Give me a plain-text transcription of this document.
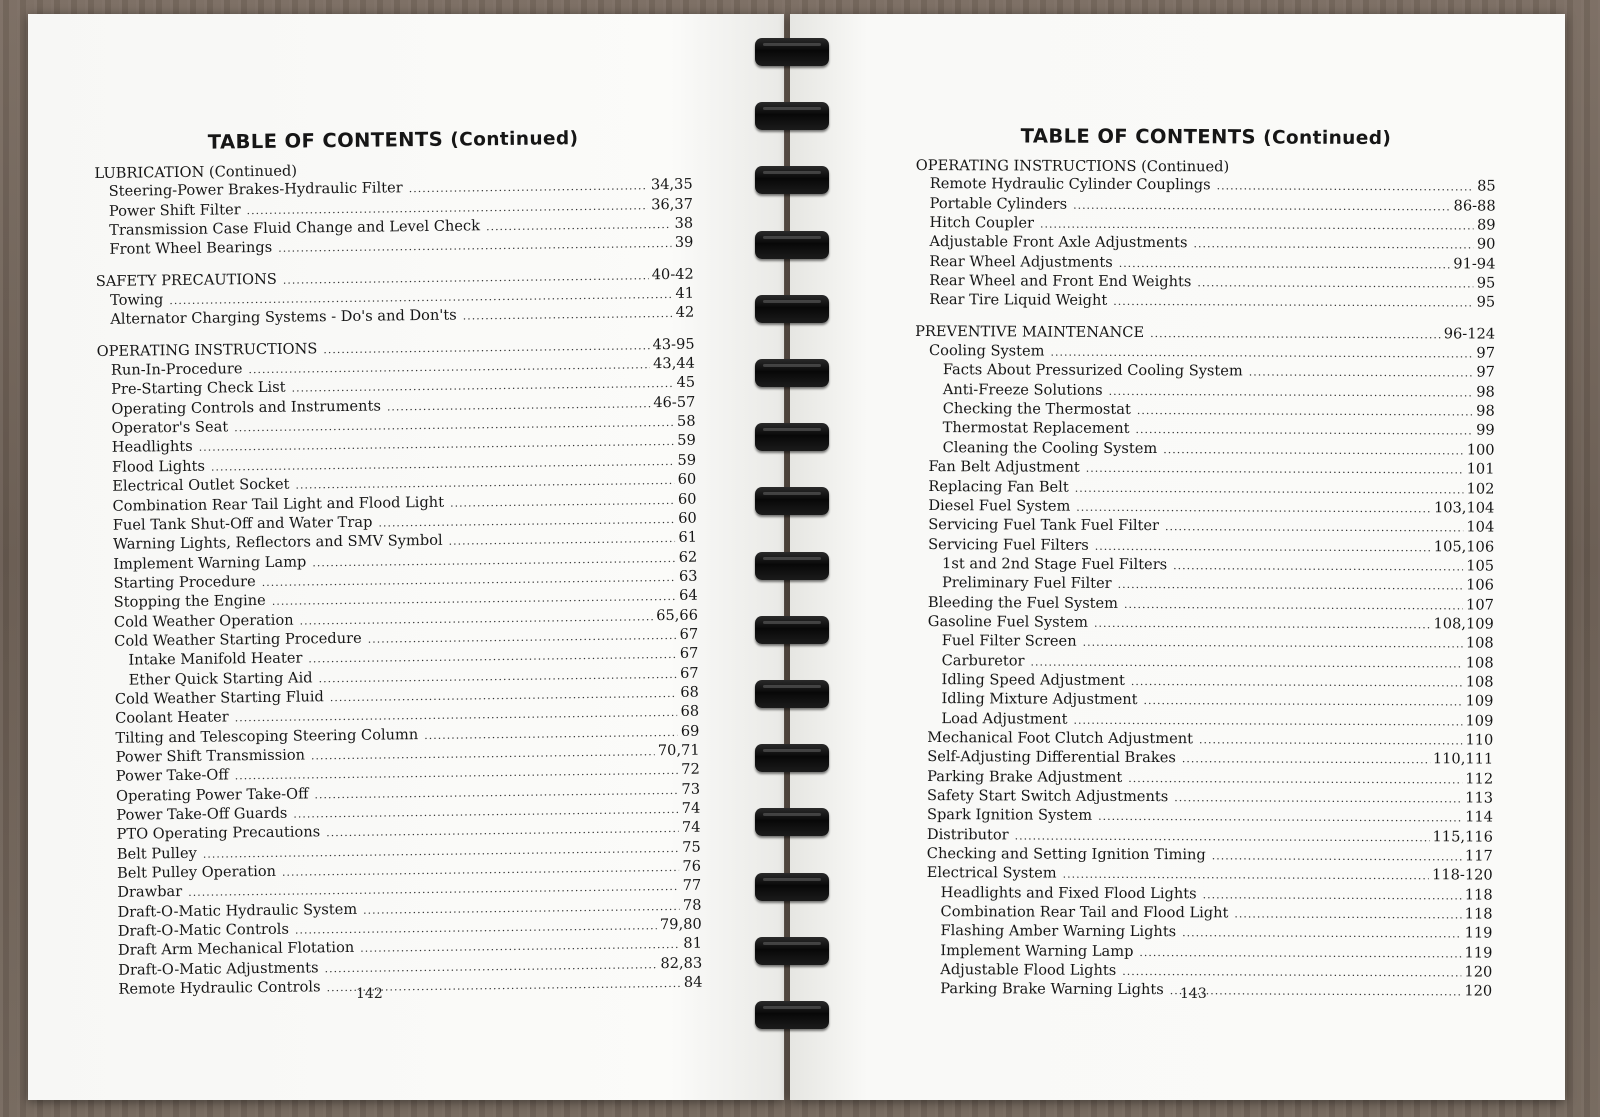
TABLE OF CONTENTS (Continued)
LUBRICATION (Continued)
Steering-Power Brakes-Hydraulic Filter .....	34,35
Power Shift Filter .....	36,37
Transmission Case Fluid Change and Level Check .....	38
Front Wheel Bearings .....	39
SAFETY PRECAUTIONS .....	40-42
Towing .....	41
Alternator Charging Systems - Do's and Don'ts .....	42
OPERATING INSTRUCTIONS .....	43-95
Run-In-Procedure .....	43,44
Pre-Starting Check List .....	45
Operating Controls and Instruments .....	46-57
Operator's Seat .....	58
Headlights .....	59
Flood Lights .....	59
Electrical Outlet Socket .....	60
Combination Rear Tail Light and Flood Light .....	60
Fuel Tank Shut-Off and Water Trap .....	60
Warning Lights, Reflectors and SMV Symbol .....	61
Implement Warning Lamp .....	62
Starting Procedure .....	63
Stopping the Engine .....	64
Cold Weather Operation .....	65,66
Cold Weather Starting Procedure .....	67
Intake Manifold Heater .....	67
Ether Quick Starting Aid .....	67
Cold Weather Starting Fluid .....	68
Coolant Heater .....	68
Tilting and Telescoping Steering Column .....	69
Power Shift Transmission .....	70,71
Power Take-Off .....	72
Operating Power Take-Off .....	73
Power Take-Off Guards .....	74
PTO Operating Precautions .....	74
Belt Pulley .....	75
Belt Pulley Operation .....	76
Drawbar .....	77
Draft-O-Matic Hydraulic System .....	78
Draft-O-Matic Controls .....	79,80
Draft Arm Mechanical Flotation .....	81
Draft-O-Matic Adjustments .....	82,83
Remote Hydraulic Controls .....	84
142
TABLE OF CONTENTS (Continued)
OPERATING INSTRUCTIONS (Continued)
Remote Hydraulic Cylinder Couplings .....	85
Portable Cylinders .....	86-88
Hitch Coupler .....	89
Adjustable Front Axle Adjustments .....	90
Rear Wheel Adjustments .....	91-94
Rear Wheel and Front End Weights .....	95
Rear Tire Liquid Weight .....	95
PREVENTIVE MAINTENANCE .....	96-124
Cooling System .....	97
Facts About Pressurized Cooling System .....	97
Anti-Freeze Solutions .....	98
Checking the Thermostat .....	98
Thermostat Replacement .....	99
Cleaning the Cooling System .....	100
Fan Belt Adjustment .....	101
Replacing Fan Belt .....	102
Diesel Fuel System .....	103,104
Servicing Fuel Tank Fuel Filter .....	104
Servicing Fuel Filters .....	105,106
1st and 2nd Stage Fuel Filters .....	105
Preliminary Fuel Filter .....	106
Bleeding the Fuel System .....	107
Gasoline Fuel System .....	108,109
Fuel Filter Screen .....	108
Carburetor .....	108
Idling Speed Adjustment .....	108
Idling Mixture Adjustment .....	109
Load Adjustment .....	109
Mechanical Foot Clutch Adjustment .....	110
Self-Adjusting Differential Brakes .....	110,111
Parking Brake Adjustment .....	112
Safety Start Switch Adjustments .....	113
Spark Ignition System .....	114
Distributor .....	115,116
Checking and Setting Ignition Timing .....	117
Electrical System .....	118-120
Headlights and Fixed Flood Lights .....	118
Combination Rear Tail and Flood Light .....	118
Flashing Amber Warning Lights .....	119
Implement Warning Lamp .....	119
Adjustable Flood Lights .....	120
Parking Brake Warning Lights .....	120
143
